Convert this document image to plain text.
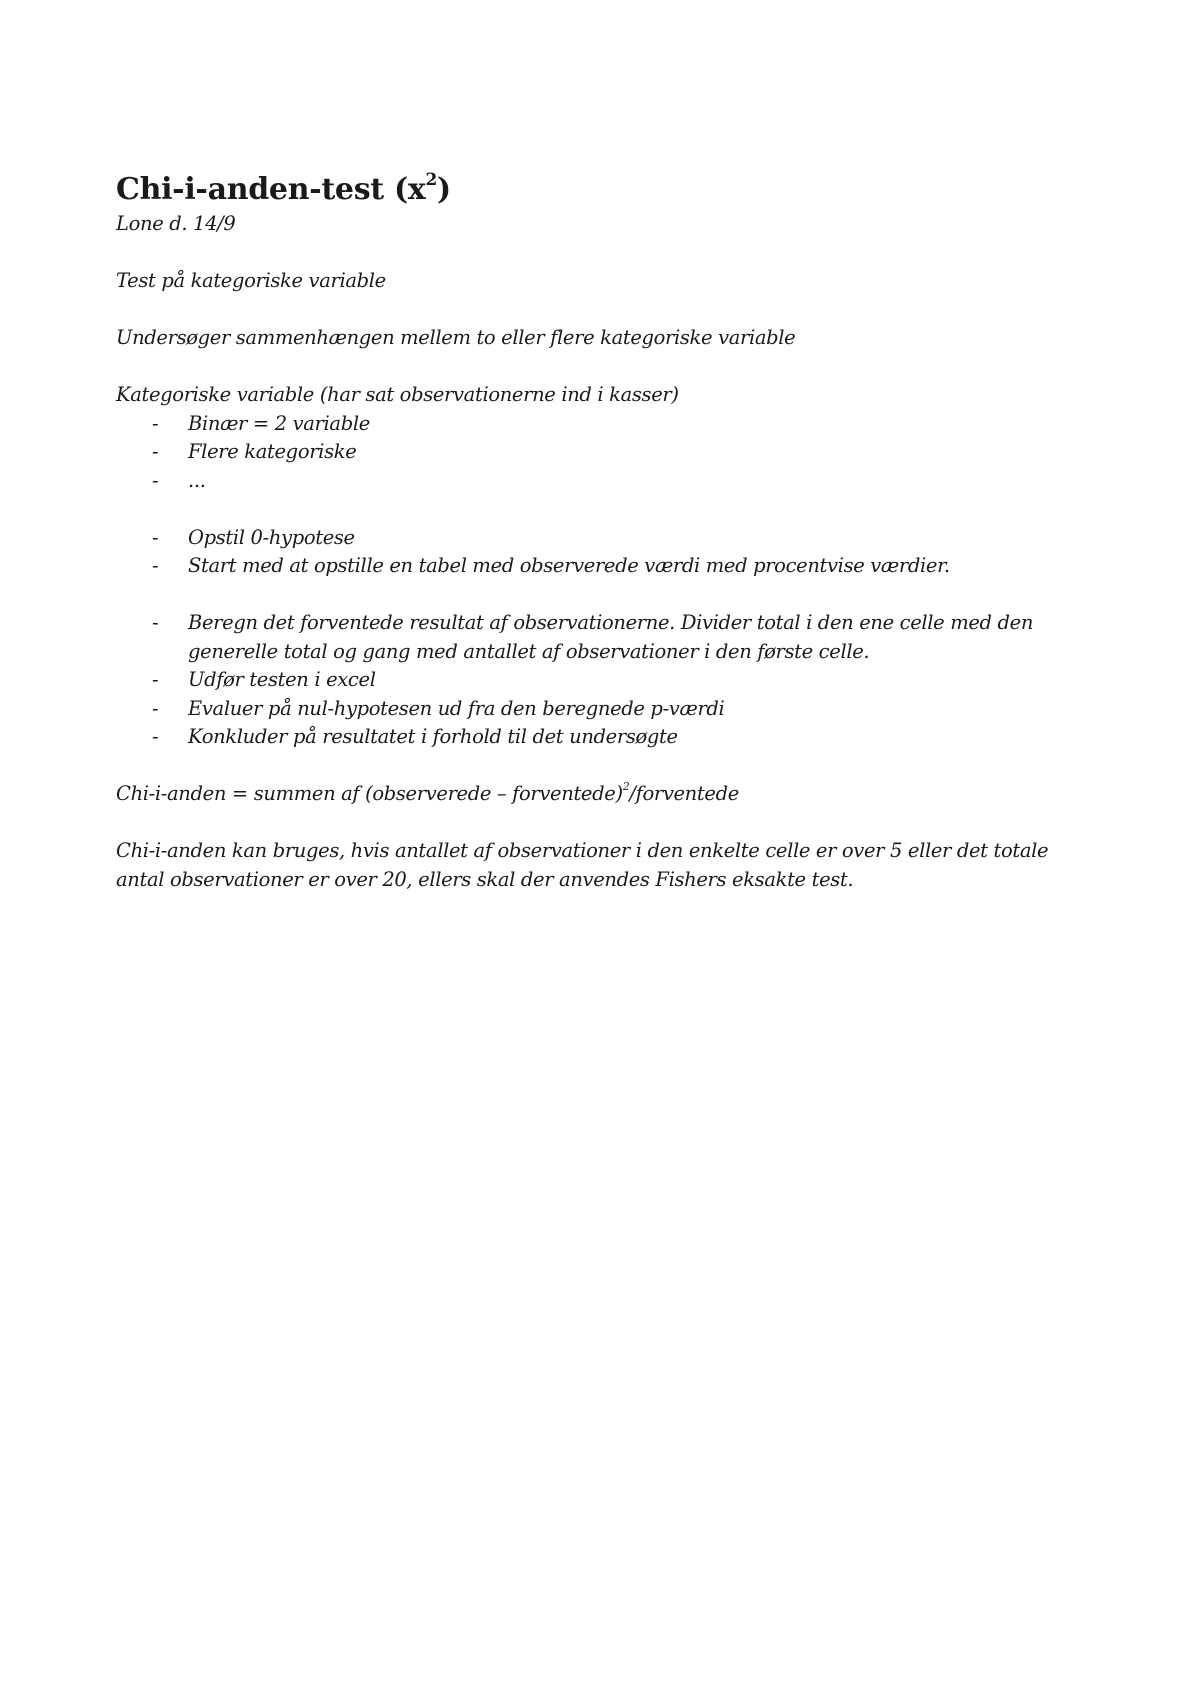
Chi-i-anden-test $(x^2)$

Lone d. 14/9

Test på kategoriske variable

Undersøger sammenhængen mellem to eller flere kategoriske variable

Kategoriske variable (har sat observationerne ind i kasser)

- Binær = 2 variable
- Flere kategoriske
- ...
- Opstil 0-hypotese
- Start med at opstille en tabel med observerede værdi med procentvise værdier.
- Beregn det forventede resultat af observationerne. Divider total i den ene celle med den generelle total og gang med antallet af observationer i den første celle.
- Udfør testen i excel
- Evaluer på nul-hypotesen ud fra den beregnede p-værdi
- Konkluder på resultatet i forhold til det undersøgte

Chi-i-anden = summen af (observerede – forventede)$^2$/forventede

Chi-i-anden kan bruges, hvis antallet af observationer i den enkelte celle er over 5 eller det totale antal observationer er over 20, ellers skal der anvendes Fishers eksakte test.
